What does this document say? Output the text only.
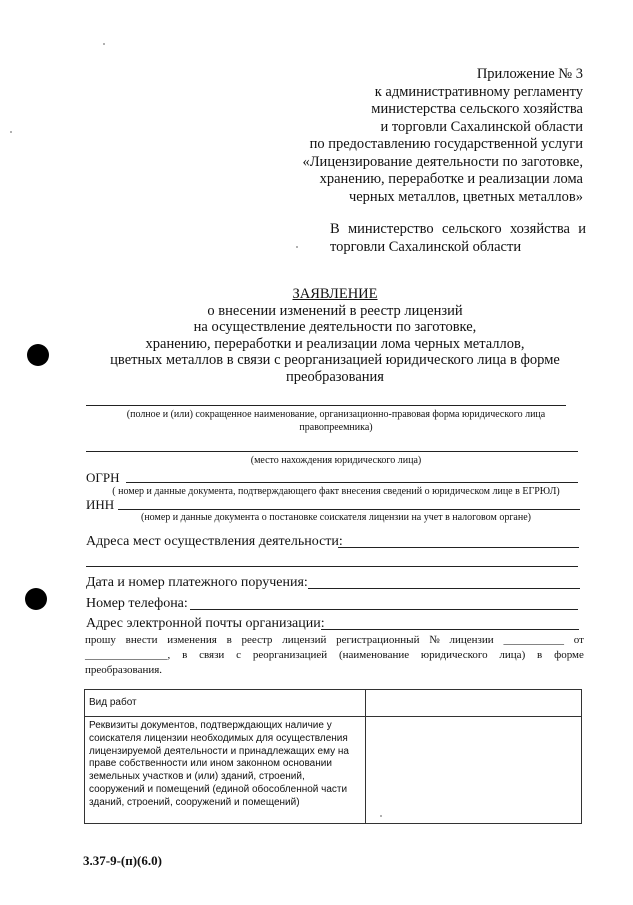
Приложение № 3
к административному регламенту
министерства сельского хозяйства
и торговли Сахалинской области
по предоставлению государственной услуги
«Лицензирование деятельности по заготовке,
хранению, переработке и реализации лома
черных металлов, цветных металлов»
В министерство сельского хозяйства и
торговли Сахалинской области
ЗАЯВЛЕНИЕ
о внесении изменений в реестр лицензий
на осуществление деятельности по заготовке,
хранению, переработки и реализации лома черных металлов,
цветных металлов в связи с реорганизацией юридического лица в форме
преобразования
(полное и (или) сокращенное наименование, организационно-правовая форма юридического лица
правопреемника)
(место нахождения юридического лица)
ОГРН
( номер и данные документа, подтверждающего факт внесения сведений о юридическом лице в ЕГРЮЛ)
ИНН
(номер и данные документа о постановке соискателя лицензии на учет в налоговом органе)
Адреса мест осуществления деятельности:
Дата и номер платежного поручения:
Номер телефона:
Адрес электронной почты организации:
прошу внести изменения в реестр лицензий регистрационный № лицензии ___________ от
_______________, в связи с реорганизацией (наименование юридического лица) в форме
преобразования.
Вид работ	
Реквизиты документов, подтверждающих наличие у соискателя лицензии необходимых для осуществления лицензируемой деятельности и принадлежащих ему на праве собственности или ином законном основании земельных участков и (или) зданий, строений, сооружений и помещений (единой обособленной части зданий, строений, сооружений и помещений)	
3.37-9-(п)(6.0)
